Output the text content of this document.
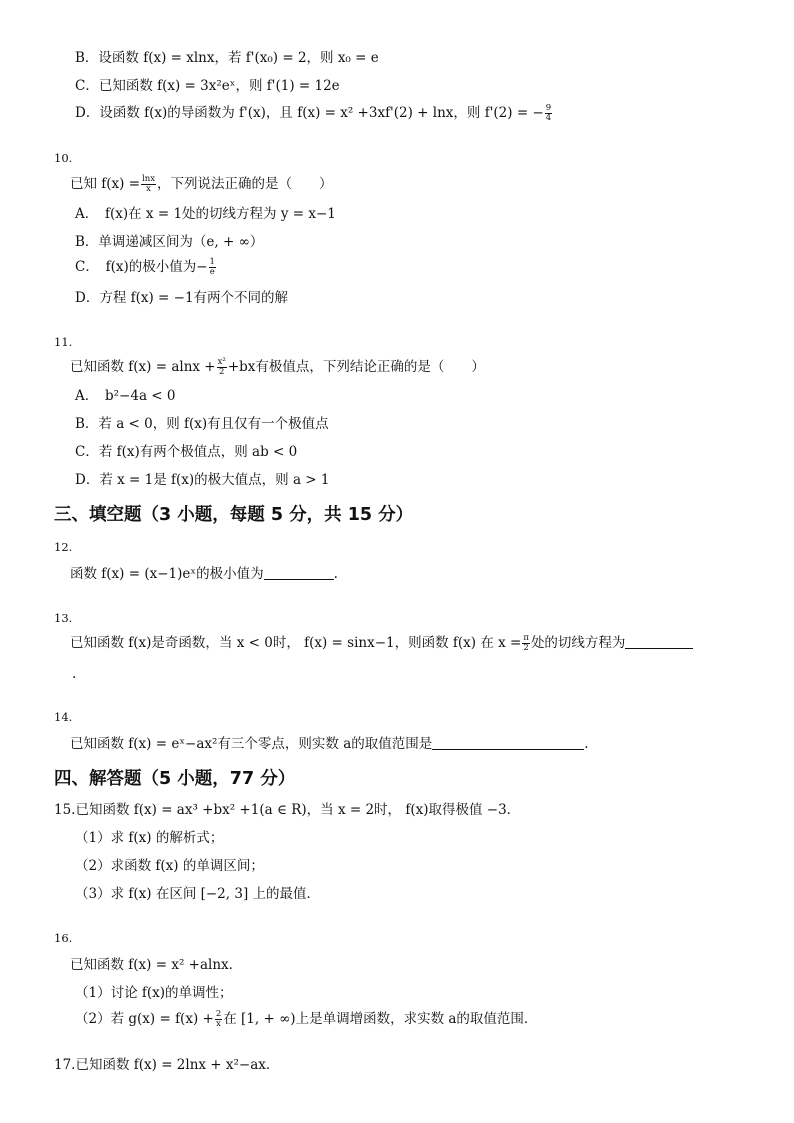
B．设函数 f(x) = xlnx，若 f'(x₀) = 2，则 x₀ = e
C．已知函数 f(x) = 3x²eˣ，则 f'(1) = 12e
D．设函数 f(x)的导函数为 f'(x)，且 f(x) = x² +3xf'(2) + lnx，则 f'(2) = − $\frac{9}{4}$
10.
已知 $f(x) = \frac{\ln x}{x}$ ，下列说法正确的是（　　）
A．　f(x)在 x = 1处的切线方程为 y = x−1
B．单调递减区间为（e, + ∞）
C．　f(x)的极小值为− $\frac{1}{e}$
D．方程 f(x) = −1有两个不同的解
11.
已知函数 $f(x) = alnx + \frac{\text{x²}}{2} +bx$有极值点，下列结论正确的是（　　）
A．　b²−4a < 0
B．若 a < 0，则 f(x)有且仅有一个极值点
C．若 f(x)有两个极值点，则 ab < 0
D．若 x = 1是 f(x)的极大值点，则 a > 1
三、填空题（3 小题，每题 5 分，共 15 分）
12.
函数 f(x) = (x−1)eˣ的极小值为	.
13.
已知函数 f(x)是奇函数，当 x < 0时， f(x) = sinx−1，则函数 f(x) 在 $x = \frac{\pi}{2}$ 处的切线方程为
.
14.
已知函数 f(x) = eˣ−ax²有三个零点，则实数 a的取值范围是	.
四、解答题（5 小题，77 分）
15.已知函数 f(x) = ax³ +bx² +1(a ∈ R)，当 x = 2时， f(x)取得极值 −3．
（1）求 f(x) 的解析式；
（2）求函数 f(x) 的单调区间；
（3）求 f(x) 在区间 [−2, 3] 上的最值．
16.
已知函数 f(x) = x² +alnx．
（1）讨论 f(x)的单调性；
（2）若 $g(x) = f(x) + \frac{2}{x}$ 在 [1, + ∞)上是单调增函数，求实数 a的取值范围．
17.已知函数 f(x) = 2lnx + x²−ax．
